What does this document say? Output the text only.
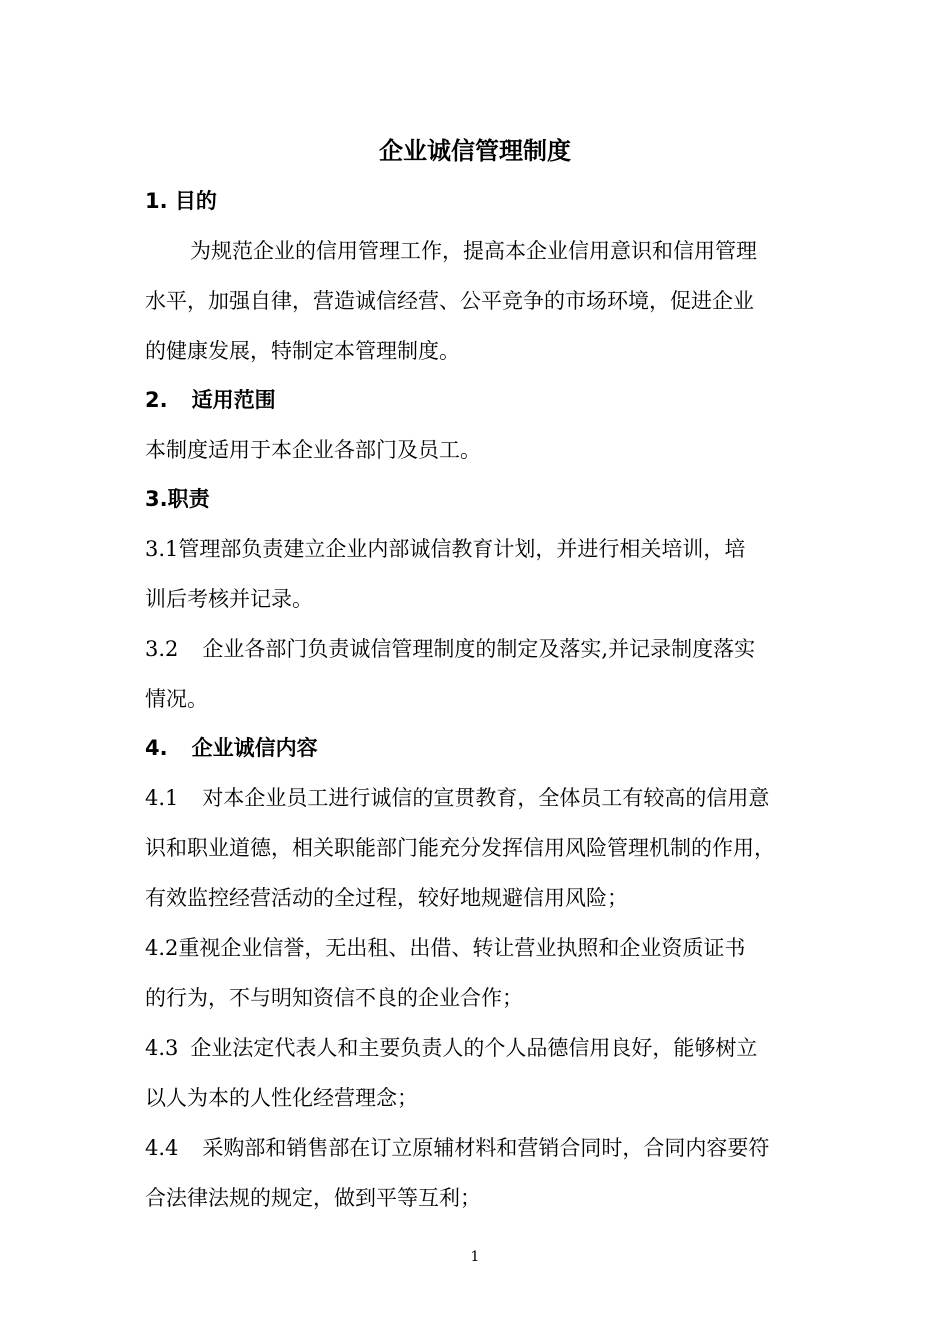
企业诚信管理制度
1. 目的
为规范企业的信用管理工作，提高本企业信用意识和信用管理
水平，加强自律，营造诚信经营、公平竞争的市场环境，促进企业
的健康发展，特制定本管理制度。
2. 适用范围
本制度适用于本企业各部门及员工。
3.职责
3.1管理部负责建立企业内部诚信教育计划，并进行相关培训，培
训后考核并记录。
3.2 企业各部门负责诚信管理制度的制定及落实,并记录制度落实
情况。
4. 企业诚信内容
4.1 对本企业员工进行诚信的宣贯教育，全体员工有较高的信用意
识和职业道德，相关职能部门能充分发挥信用风险管理机制的作用，
有效监控经营活动的全过程，较好地规避信用风险；
4.2重视企业信誉，无出租、出借、转让营业执照和企业资质证书
的行为，不与明知资信不良的企业合作；
4.3 企业法定代表人和主要负责人的个人品德信用良好，能够树立
以人为本的人性化经营理念；
4.4 采购部和销售部在订立原辅材料和营销合同时，合同内容要符
合法律法规的规定，做到平等互利；
1
